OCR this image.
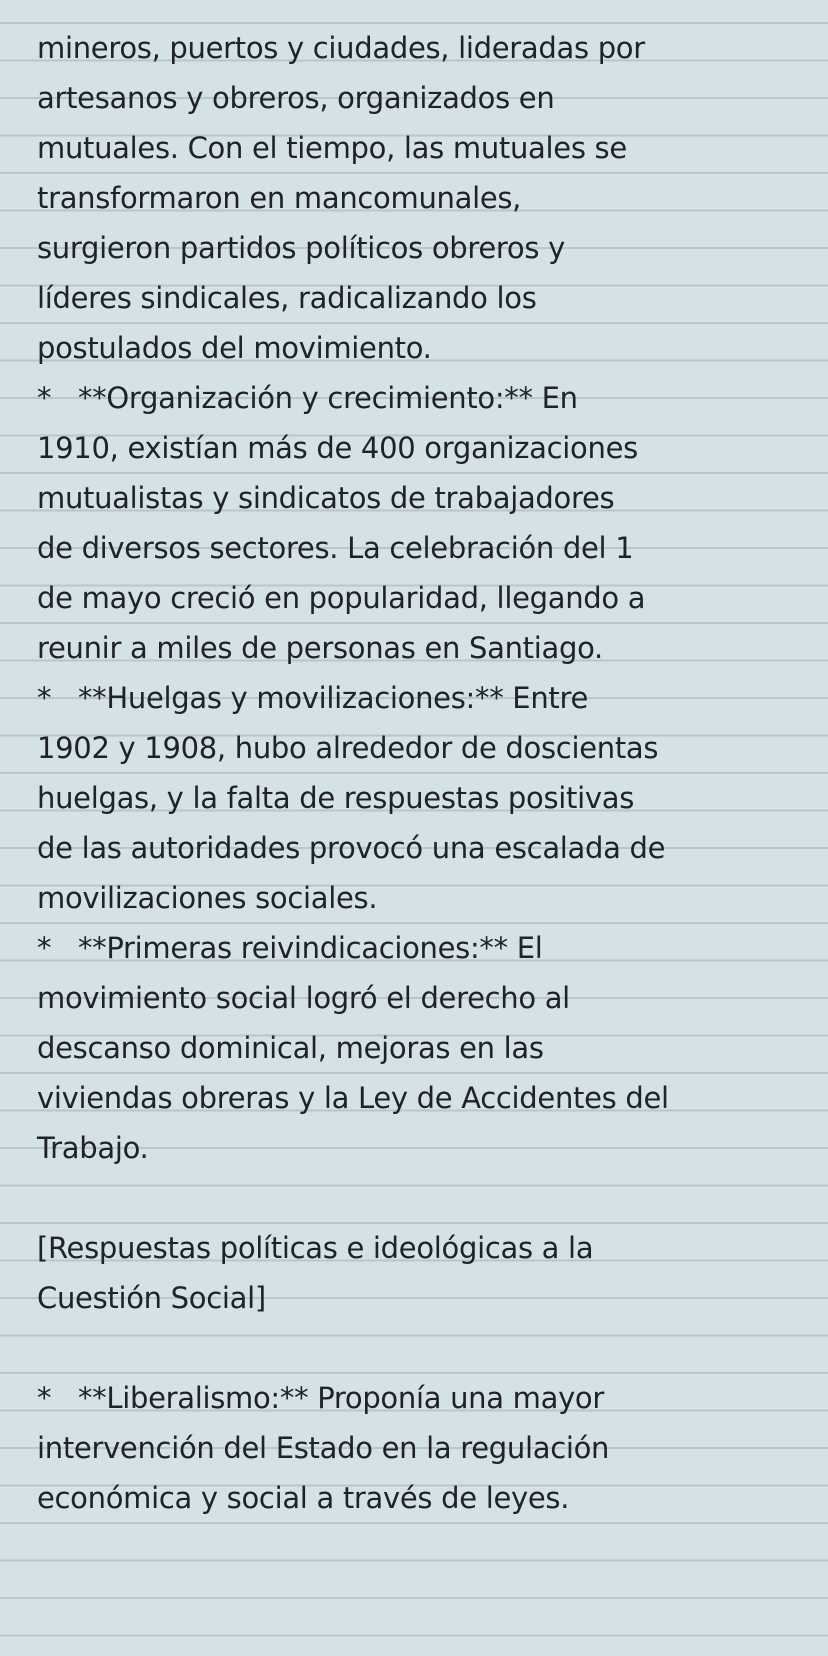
mineros, puertos y ciudades, lideradas por
artesanos y obreros, organizados en
mutuales. Con el tiempo, las mutuales se
transformaron en mancomunales,
surgieron partidos políticos obreros y
líderes sindicales, radicalizando los
postulados del movimiento.
*   **Organización y crecimiento:** En
1910, existían más de 400 organizaciones
mutualistas y sindicatos de trabajadores
de diversos sectores. La celebración del 1
de mayo creció en popularidad, llegando a
reunir a miles de personas en Santiago.
*   **Huelgas y movilizaciones:** Entre
1902 y 1908, hubo alrededor de doscientas
huelgas, y la falta de respuestas positivas
de las autoridades provocó una escalada de
movilizaciones sociales.
*   **Primeras reivindicaciones:** El
movimiento social logró el derecho al
descanso dominical, mejoras en las
viviendas obreras y la Ley de Accidentes del
Trabajo.
[Respuestas políticas e ideológicas a la
Cuestión Social]
*   **Liberalismo:** Proponía una mayor
intervención del Estado en la regulación
económica y social a través de leyes.
